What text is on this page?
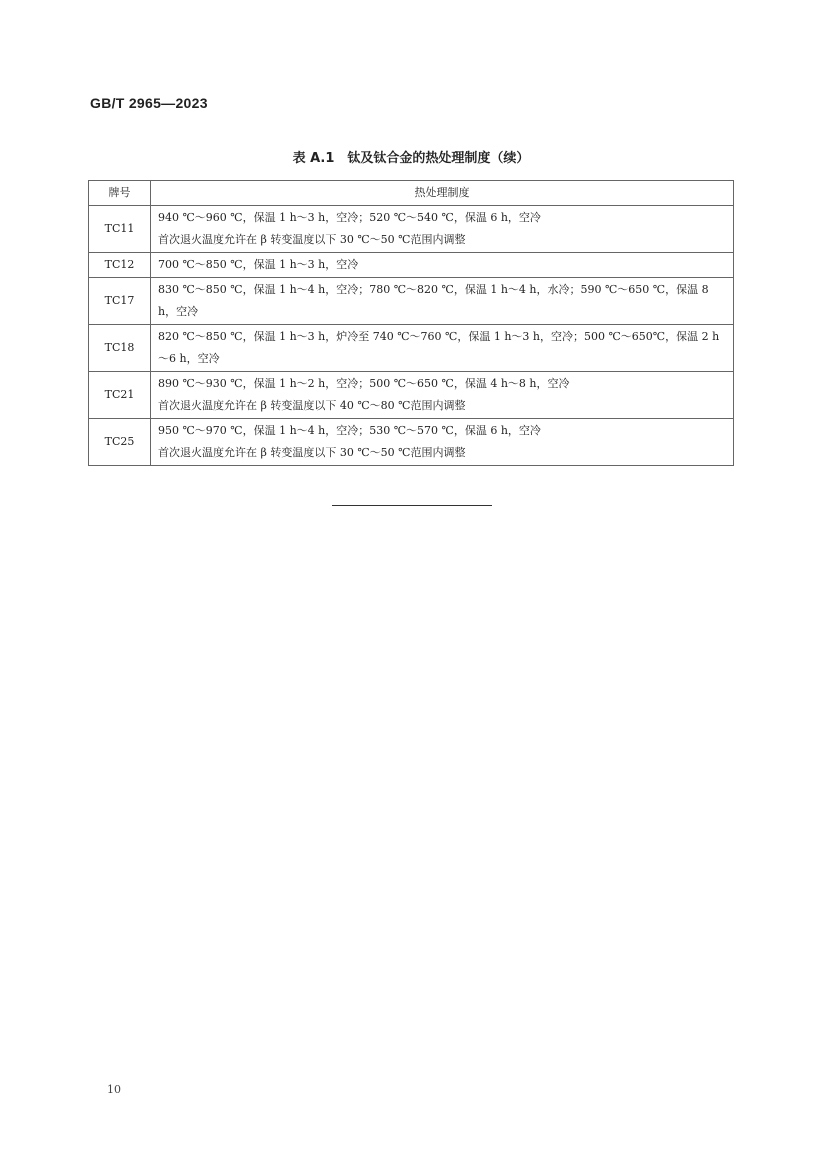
GB/T 2965—2023
表 A.1　钛及钛合金的热处理制度（续）
牌号	热处理制度
TC11	940 ℃～960 ℃，保温 1 h～3 h，空冷；520 ℃～540 ℃，保温 6 h，空冷
首次退火温度允许在 β 转变温度以下 30 ℃～50 ℃范围内调整

TC12	700 ℃～850 ℃，保温 1 h～3 h，空冷

TC17	830 ℃～850 ℃，保温 1 h～4 h，空冷；780 ℃～820 ℃，保温 1 h～4 h，水冷；590 ℃～650 ℃，保温 8 h，空冷

TC18	820 ℃～850 ℃，保温 1 h～3 h，炉冷至 740 ℃～760 ℃，保温 1 h～3 h，空冷；500 ℃～650℃，保温 2 h～6 h，空冷

TC21	890 ℃～930 ℃，保温 1 h～2 h，空冷；500 ℃～650 ℃，保温 4 h～8 h，空冷
首次退火温度允许在 β 转变温度以下 40 ℃～80 ℃范围内调整

TC25	950 ℃～970 ℃，保温 1 h～4 h，空冷；530 ℃～570 ℃，保温 6 h，空冷
首次退火温度允许在 β 转变温度以下 30 ℃～50 ℃范围内调整
10
